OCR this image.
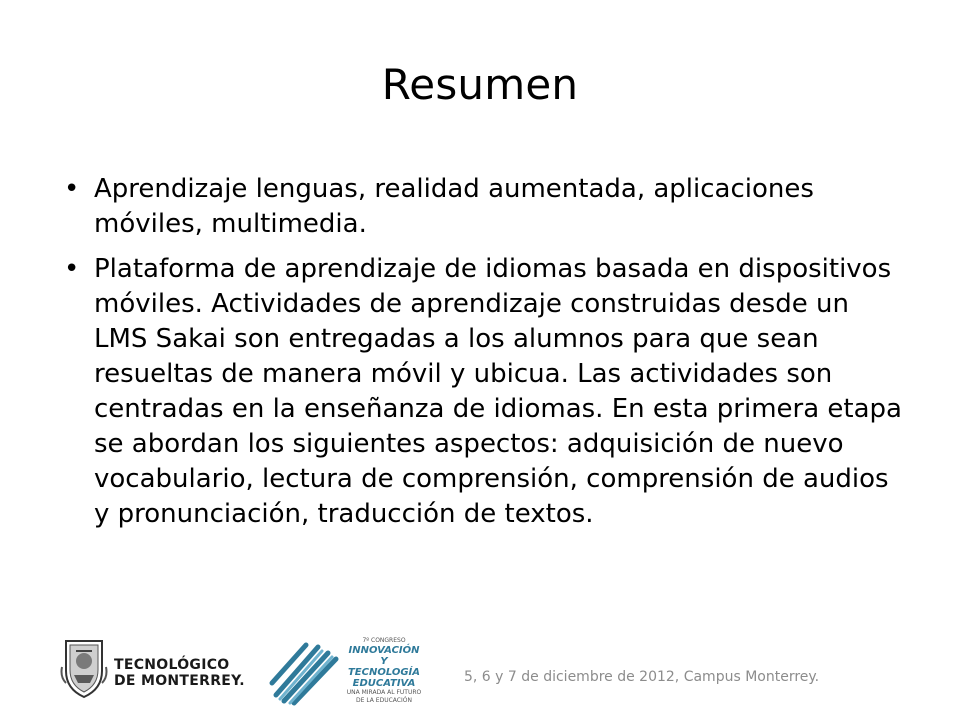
Resumen
• Aprendizaje lenguas, realidad aumentada, aplicaciones móviles, multimedia.
• Plataforma de aprendizaje de idiomas basada en dispositivos móviles. Actividades de aprendizaje construidas desde un LMS Sakai son entregadas a los alumnos para que sean resueltas de manera móvil y ubicua. Las actividades son centradas en la enseñanza de idiomas. En esta primera etapa se abordan los siguientes aspectos: adquisición de nuevo vocabulario, lectura de comprensión, comprensión de audios y pronunciación, traducción de textos.
TECNOLÓGICO
DE MONTERREY.
7º CONGRESO
INNOVACIÓN
Y TECNOLOGÍA
EDUCATIVA
UNA MIRADA AL FUTURO DE LA EDUCACIÓN
5, 6 y 7 de diciembre de 2012, Campus Monterrey.
